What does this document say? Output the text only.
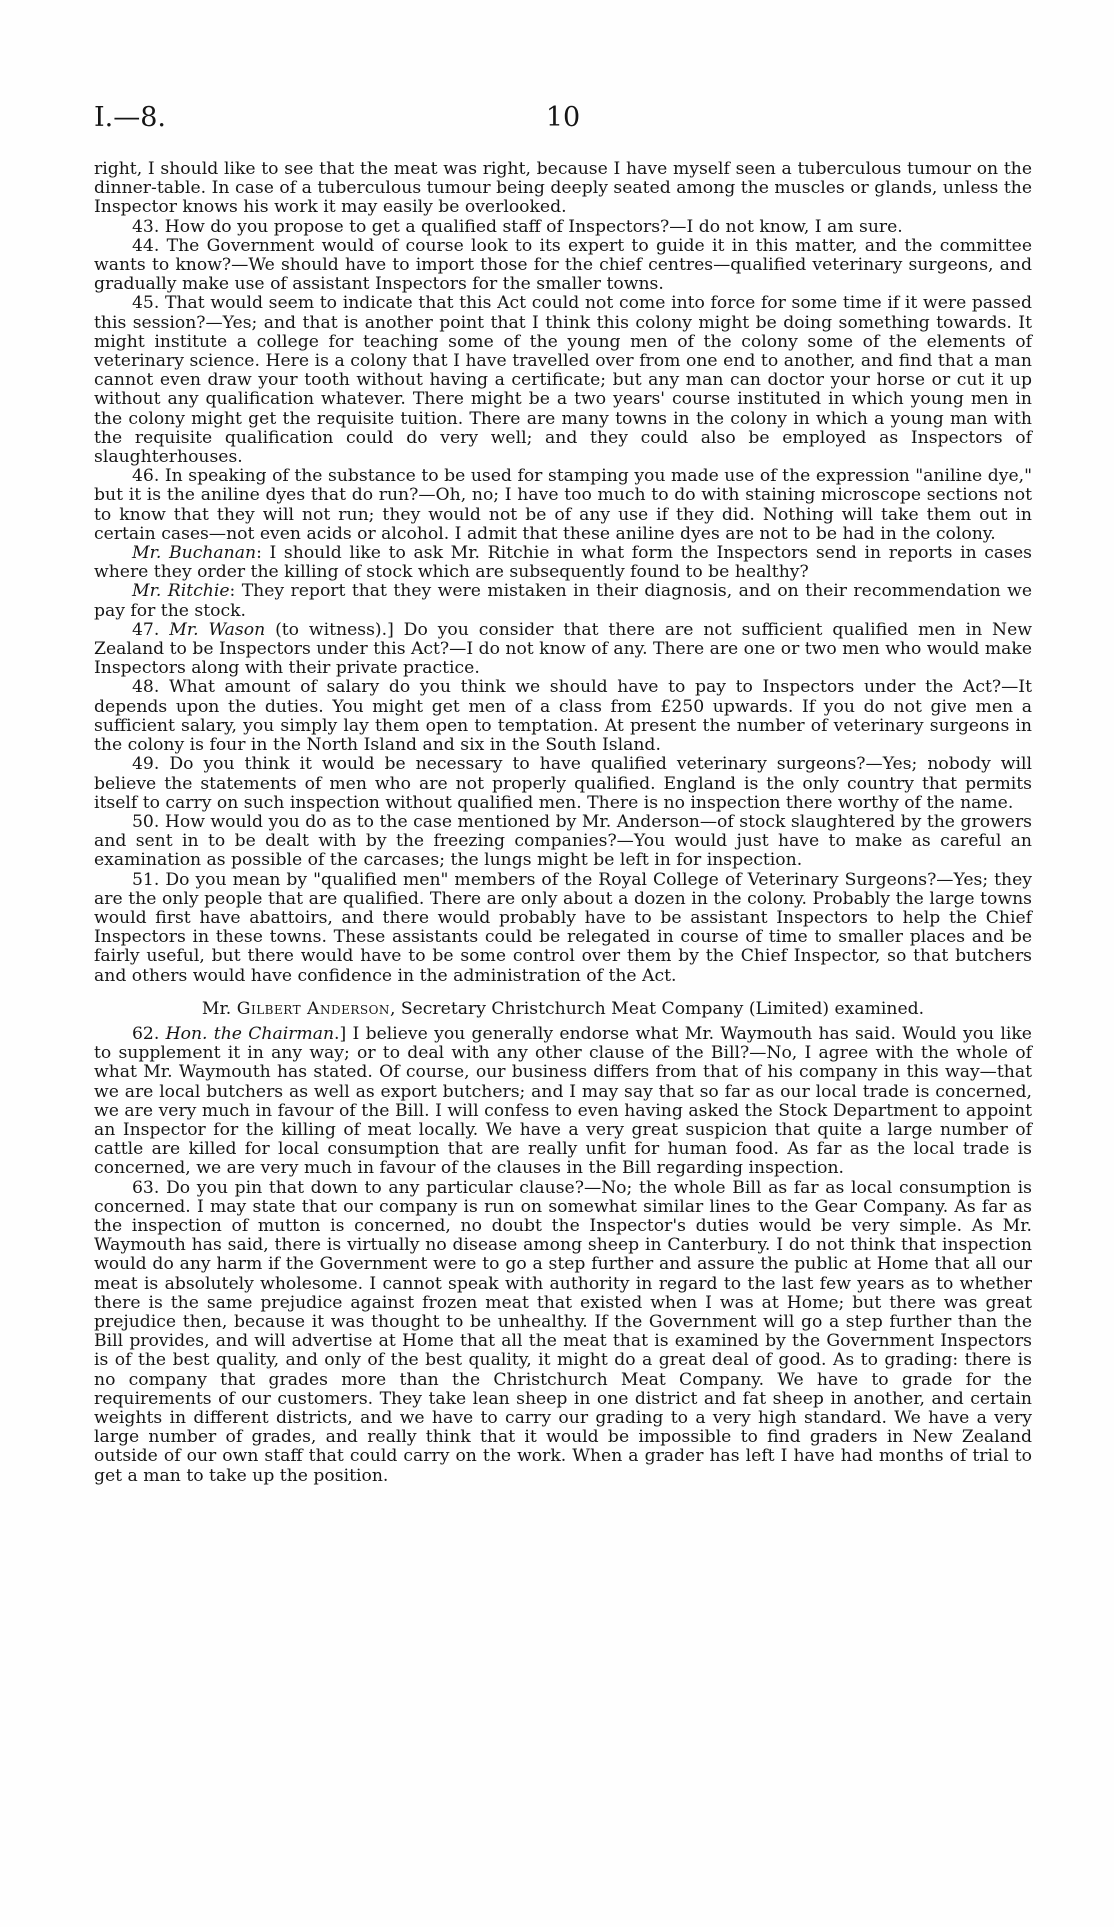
I.—8.	10

right, I should like to see that the meat was right, because I have myself seen a tuberculous tumour on the dinner-table. In case of a tuberculous tumour being deeply seated among the muscles or glands, unless the Inspector knows his work it may easily be overlooked.

43. How do you propose to get a qualified staff of Inspectors?—I do not know, I am sure.

44. The Government would of course look to its expert to guide it in this matter, and the committee wants to know?—We should have to import those for the chief centres—qualified veterinary surgeons, and gradually make use of assistant Inspectors for the smaller towns.

45. That would seem to indicate that this Act could not come into force for some time if it were passed this session?—Yes; and that is another point that I think this colony might be doing something towards. It might institute a college for teaching some of the young men of the colony some of the elements of veterinary science. Here is a colony that I have travelled over from one end to another, and find that a man cannot even draw your tooth without having a certificate; but any man can doctor your horse or cut it up without any qualification whatever. There might be a two years' course instituted in which young men in the colony might get the requisite tuition. There are many towns in the colony in which a young man with the requisite qualification could do very well; and they could also be employed as Inspectors of slaughterhouses.

46. In speaking of the substance to be used for stamping you made use of the expression "aniline dye," but it is the aniline dyes that do run?—Oh, no; I have too much to do with staining microscope sections not to know that they will not run; they would not be of any use if they did. Nothing will take them out in certain cases—not even acids or alcohol. I admit that these aniline dyes are not to be had in the colony.

Mr. Buchanan: I should like to ask Mr. Ritchie in what form the Inspectors send in reports in cases where they order the killing of stock which are subsequently found to be healthy?

Mr. Ritchie: They report that they were mistaken in their diagnosis, and on their recommendation we pay for the stock.

47. Mr. Wason (to witness).] Do you consider that there are not sufficient qualified men in New Zealand to be Inspectors under this Act?—I do not know of any. There are one or two men who would make Inspectors along with their private practice.

48. What amount of salary do you think we should have to pay to Inspectors under the Act?—It depends upon the duties. You might get men of a class from £250 upwards. If you do not give men a sufficient salary, you simply lay them open to temptation. At present the number of veterinary surgeons in the colony is four in the North Island and six in the South Island.

49. Do you think it would be necessary to have qualified veterinary surgeons?—Yes; nobody will believe the statements of men who are not properly qualified. England is the only country that permits itself to carry on such inspection without qualified men. There is no inspection there worthy of the name.

50. How would you do as to the case mentioned by Mr. Anderson—of stock slaughtered by the growers and sent in to be dealt with by the freezing companies?—You would just have to make as careful an examination as possible of the carcases; the lungs might be left in for inspection.

51. Do you mean by "qualified men" members of the Royal College of Veterinary Surgeons?—Yes; they are the only people that are qualified. There are only about a dozen in the colony. Probably the large towns would first have abattoirs, and there would probably have to be assistant Inspectors to help the Chief Inspectors in these towns. These assistants could be relegated in course of time to smaller places and be fairly useful, but there would have to be some control over them by the Chief Inspector, so that butchers and others would have confidence in the administration of the Act.

Mr. Gilbert Anderson, Secretary Christchurch Meat Company (Limited) examined.

62. Hon. the Chairman.] I believe you generally endorse what Mr. Waymouth has said. Would you like to supplement it in any way; or to deal with any other clause of the Bill?—No, I agree with the whole of what Mr. Waymouth has stated. Of course, our business differs from that of his company in this way—that we are local butchers as well as export butchers; and I may say that so far as our local trade is concerned, we are very much in favour of the Bill. I will confess to even having asked the Stock Department to appoint an Inspector for the killing of meat locally. We have a very great suspicion that quite a large number of cattle are killed for local consumption that are really unfit for human food. As far as the local trade is concerned, we are very much in favour of the clauses in the Bill regarding inspection.

63. Do you pin that down to any particular clause?—No; the whole Bill as far as local consumption is concerned. I may state that our company is run on somewhat similar lines to the Gear Company. As far as the inspection of mutton is concerned, no doubt the Inspector's duties would be very simple. As Mr. Waymouth has said, there is virtually no disease among sheep in Canterbury. I do not think that inspection would do any harm if the Government were to go a step further and assure the public at Home that all our meat is absolutely wholesome. I cannot speak with authority in regard to the last few years as to whether there is the same prejudice against frozen meat that existed when I was at Home; but there was great prejudice then, because it was thought to be unhealthy. If the Government will go a step further than the Bill provides, and will advertise at Home that all the meat that is examined by the Government Inspectors is of the best quality, and only of the best quality, it might do a great deal of good. As to grading: there is no company that grades more than the Christchurch Meat Company. We have to grade for the requirements of our customers. They take lean sheep in one district and fat sheep in another, and certain weights in different districts, and we have to carry our grading to a very high standard. We have a very large number of grades, and really think that it would be impossible to find graders in New Zealand outside of our own staff that could carry on the work. When a grader has left I have had months of trial to get a man to take up the position.
